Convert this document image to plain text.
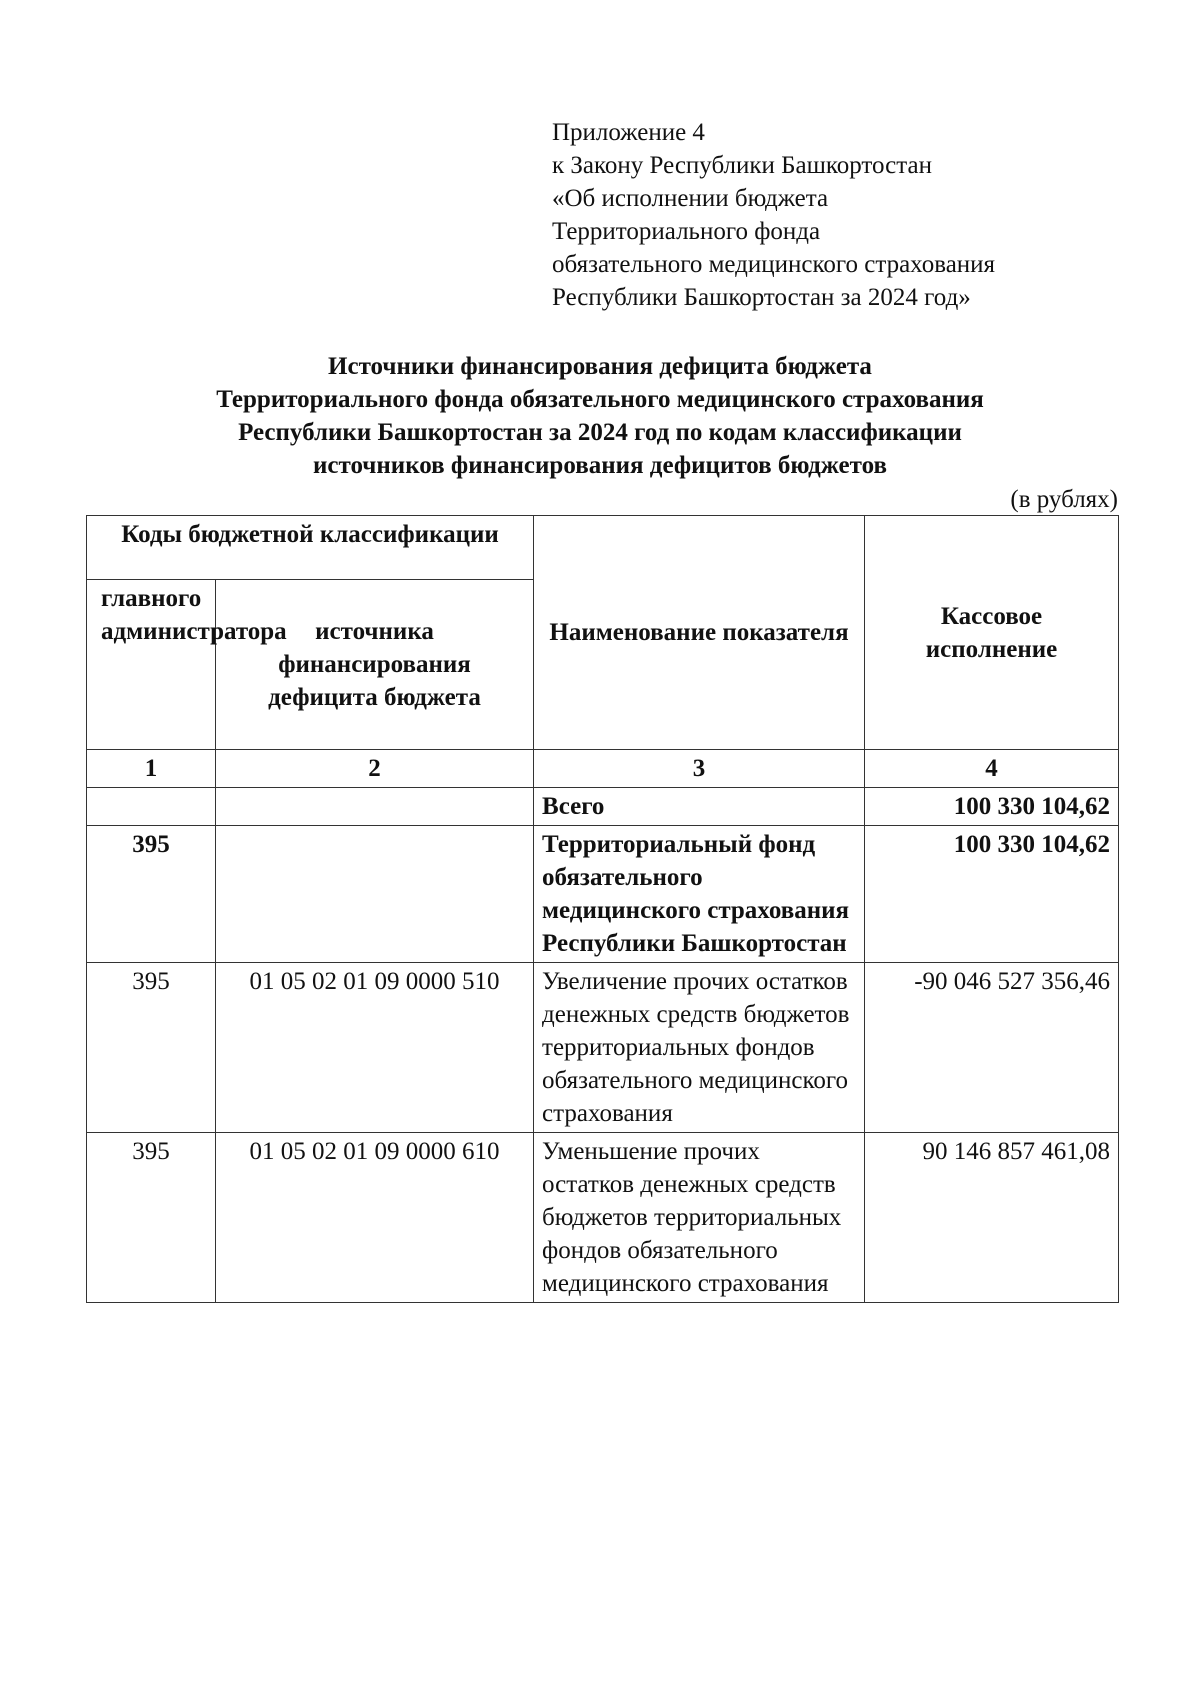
Приложение 4
к Закону Республики Башкортостан
«Об исполнении бюджета
Территориального фонда
обязательного медицинского страхования
Республики Башкортостан за 2024 год»
Источники финансирования дефицита бюджета
Территориального фонда обязательного медицинского страхования
Республики Башкортостан за 2024 год по кодам классификации
источников финансирования дефицитов бюджетов
(в рублях)
Коды бюджетной классификации		Наименование показателя	Кассовое исполнение
главного администратора	источника финансирования дефицита бюджета		
1	2	3	4
		Всего	100 330 104,62
395		Территориальный фонд обязательного медицинского страхования Республики Башкортостан	100 330 104,62
395	01 05 02 01 09 0000 510	Увеличение прочих остатков денежных средств бюджетов территориальных фондов обязательного медицинского страхования	-90 046 527 356,46
395	01 05 02 01 09 0000 610	Уменьшение прочих остатков денежных средств бюджетов территориальных фондов обязательного медицинского страхования	90 146 857 461,08
